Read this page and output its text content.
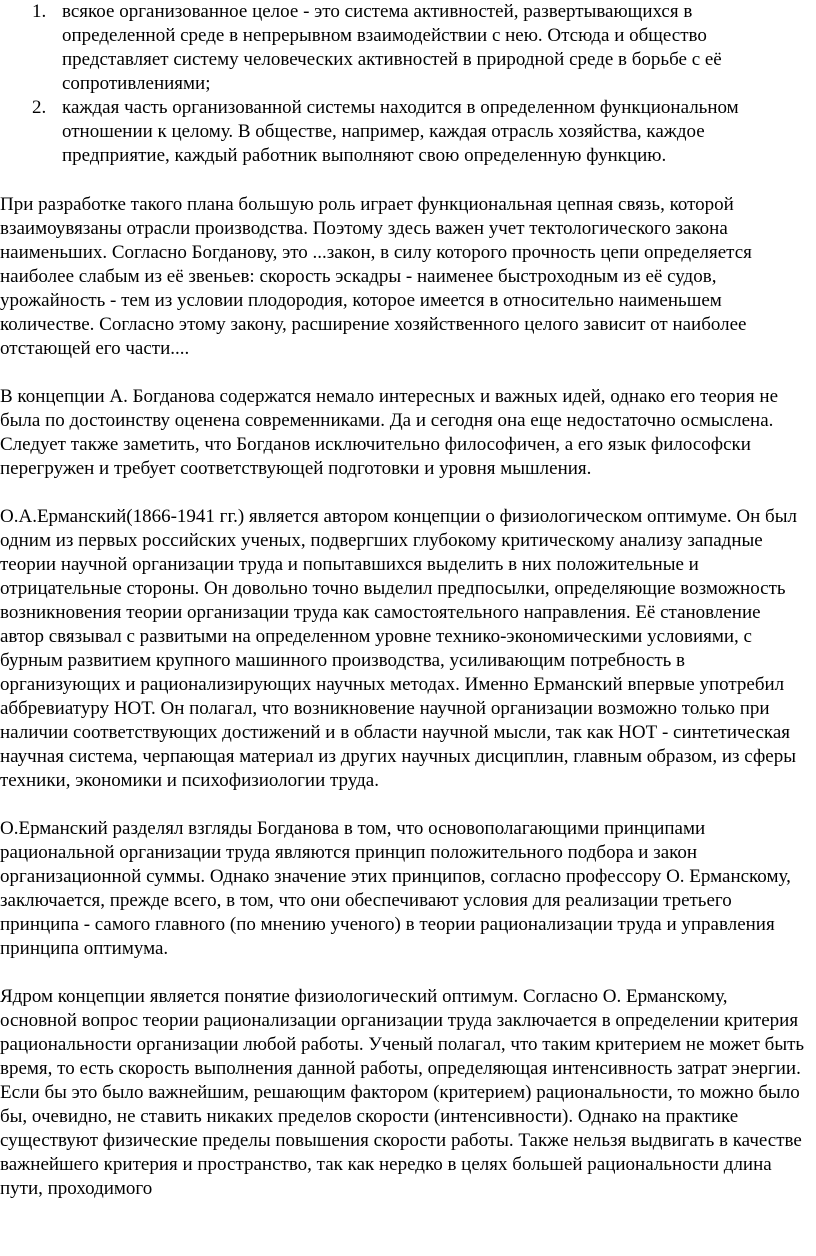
1. всякое организованное целое - это система активностей, развертывающихся в определенной среде в непрерывном взаимодействии с нею. Отсюда и общество представляет систему человеческих активностей в природной среде в борьбе с её сопротивлениями;
2. каждая часть организованной системы находится в определенном функциональном отношении к целому. В обществе, например, каждая отрасль хозяйства, каждое предприятие, каждый работник выполняют свою определенную функцию.

При разработке такого плана большую роль играет функциональная цепная связь, которой взаимоувязаны отрасли производства. Поэтому здесь важен учет тектологического закона наименьших. Согласно Богданову, это ...закон, в силу которого прочность цепи определяется наиболее слабым из её звеньев: скорость эскадры - наименее быстроходным из её судов, урожайность - тем из условии плодородия, которое имеется в относительно наименьшем количестве. Согласно этому закону, расширение хозяйственного целого зависит от наиболее отстающей его части....

В концепции А. Богданова содержатся немало интересных и важных идей, однако его теория не была по достоинству оценена современниками. Да и сегодня она еще недостаточно осмыслена. Следует также заметить, что Богданов исключительно философичен, а его язык философски перегружен и требует соответствующей подготовки и уровня мышления.

О.А.Ерманский(1866-1941 гг.) является автором концепции о физиологическом оптимуме. Он был одним из первых российских ученых, подвергших глубокому критическому анализу западные теории научной организации труда и попытавшихся выделить в них положительные и отрицательные стороны. Он довольно точно выделил предпосылки, определяющие возможность возникновения теории организации труда как самостоятельного направления. Её становление автор связывал с развитыми на определенном уровне технико-экономическими условиями, с бурным развитием крупного машинного производства, усиливающим потребность в организующих и рационализирующих научных методах. Именно Ерманский впервые употребил аббревиатуру НОТ. Он полагал, что возникновение научной организации возможно только при наличии соответствующих достижений и в области научной мысли, так как НОТ - синтетическая научная система, черпающая материал из других научных дисциплин, главным образом, из сферы техники, экономики и психофизиологии труда.

О.Ерманский разделял взгляды Богданова в том, что основополагающими принципами рациональной организации труда являются принцип положительного подбора и закон организационной суммы. Однако значение этих принципов, согласно профессору О. Ерманскому, заключается, прежде всего, в том, что они обеспечивают условия для реализации третьего принципа - самого главного (по мнению ученого) в теории рационализации труда и управления принципа оптимума.

Ядром концепции является понятие физиологический оптимум. Согласно О. Ерманскому, основной вопрос теории рационализации организации труда заключается в определении критерия рациональности организации любой работы. Ученый полагал, что таким критерием не может быть время, то есть скорость выполнения данной работы, определяющая интенсивность затрат энергии. Если бы это было важнейшим, решающим фактором (критерием) рациональности, то можно было бы, очевидно, не ставить никаких пределов скорости (интенсивности). Однако на практике существуют физические пределы повышения скорости работы. Также нельзя выдвигать в качестве важнейшего критерия и пространство, так как нередко в целях большей рациональности длина пути, проходимого
